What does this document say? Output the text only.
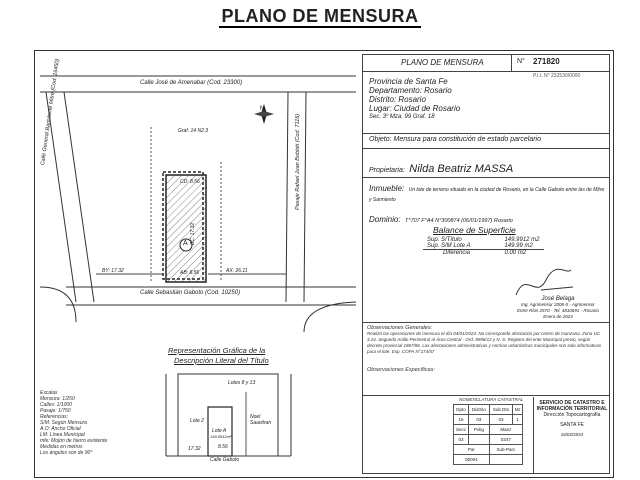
PLANO DE MENSURA
Calle José de Amenabar (Cod. 23300)
Calle General Bartolomé Mitre (Cod. 16450)
Pasaje Rafael Juan Bobbiti (Cod. 7116)
Calle Sebastián Gaboto (Cod. 10250)
CD: 8.56
AB: 8.56	AX: 26.11
BY: 17.32
BC: 17.32
A
Graf. 14 N2.3
N
Representación Gráfica de la
Descripción Literal del Título
Lotes 8 y 13
Lote 2
Lote A
149.9912m²
Noel Saavitran
8.56
17.32
Calle Gaboto
Escalas
Mensura: 1/250
Calles: 1/1000
Pasaje: 1/750
Referencias:
S/M: Según Mensura
A.O: Ancho Oficial
LM: Línea Municipal
mfe: Mojón de hierro existente
Medidas en metros
Los ángulos son de 90°
PLANO DE MENSURA	N° 271820
P.I.I. N° 232530/0000
Provincia de Santa Fe
Departamento: Rosario
Distrito: Rosario
Lugar: Ciudad de Rosario
Sec. 3º Mza. 99 Graf. 18
Objeto: Mensura para constitución de estado parcelario
Propietaria: Nilda Beatriz MASSA
Inmueble: Un lote de terreno situado en la ciudad de Rosario, en la Calle Gaboto entre las de Mitre y Sarmiento
Dominio: T°707 F°A4 N°300874 (06/01/1997) Rosario
Balance de Superficie
Sup. S/Título	149.9912 m2
Sup. S/M Lote A	149.99 m2
Diferencia	0.00 m2
José Belaga
Ing. Agrimensor 2008-5 - Agrimensor
Entre Ríos 2570 - Tel. 4810691 - Rosario
Enero de 2024
Observaciones Generales:
Realizó las operaciones de mensura el día 04/01/2024. No corresponde afectación por centro de manzana. Zona UC 3.24. Segundo Anillo Perimetral al Área Central - Ord. 8996/12 y N. S. Registro del ente Municipal previo, según decreto provincial 1867/86. Las afectaciones administrativas y normas urbanísticas municipales son solo informativas para el lote. Exp. COPA N°174/57
Observaciones Específicas:
NOMENCLATURA CATASTRAL
Dpto	Distrito	Sub Dto	Mz
16	03	03	1
Secc	Polig	Manz	
03		0247	
Par		Sub-Parc	
00004			
SERVICIO DE CATASTRO E INFORMACIÓN TERRITORIAL
Dirección Topocartografía
SANTA FE
15/02/2024
